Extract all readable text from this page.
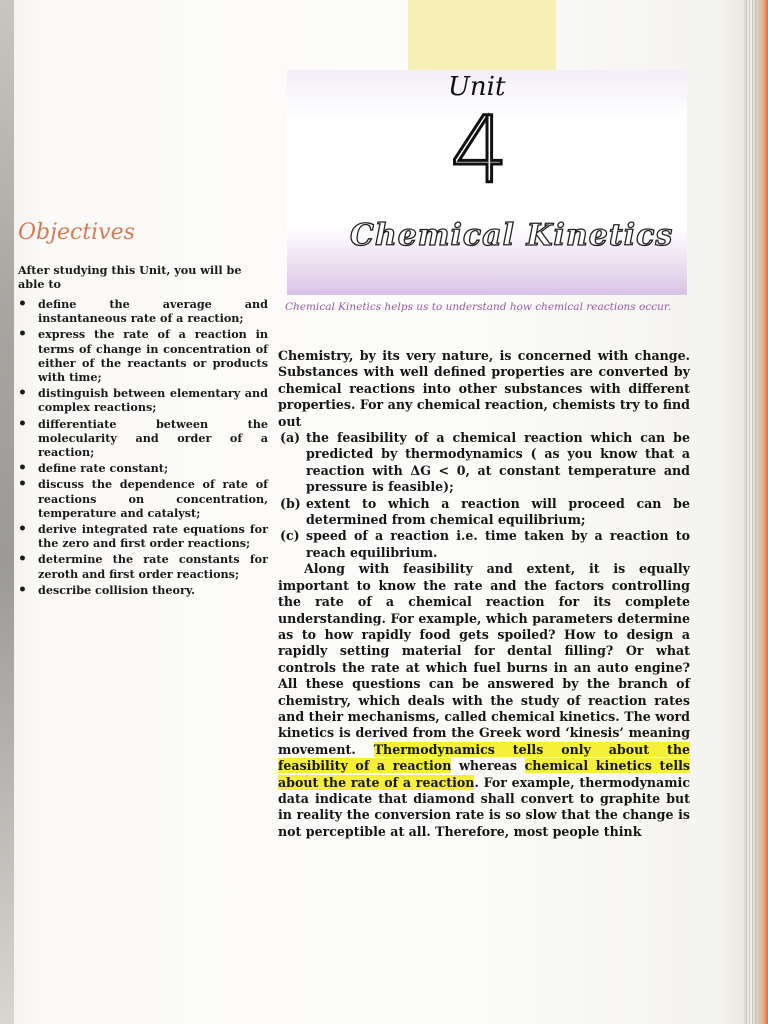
Unit
4
Chemical Kinetics
Chemical Kinetics helps us to understand how chemical reactions occur.
Objectives
After studying this Unit, you will be able to
• define the average and instantaneous rate of a reaction;
• express the rate of a reaction in terms of change in concentration of either of the reactants or products with time;
• distinguish between elementary and complex reactions;
• differentiate between the molecularity and order of a reaction;
• define rate constant;
• discuss the dependence of rate of reactions on concentration, temperature and catalyst;
• derive integrated rate equations for the zero and first order reactions;
• determine the rate constants for zeroth and first order reactions;
• describe collision theory.

Chemistry, by its very nature, is concerned with change. Substances with well defined properties are converted by chemical reactions into other substances with different properties. For any chemical reaction, chemists try to find out

(a) the feasibility of a chemical reaction which can be predicted by thermodynamics ( as you know that a reaction with ΔG < 0, at constant temperature and pressure is feasible);

(b) extent to which a reaction will proceed can be determined from chemical equilibrium;

(c) speed of a reaction i.e. time taken by a reaction to reach equilibrium.

Along with feasibility and extent, it is equally important to know the rate and the factors controlling the rate of a chemical reaction for its complete understanding. For example, which parameters determine as to how rapidly food gets spoiled? How to design a rapidly setting material for dental filling? Or what controls the rate at which fuel burns in an auto engine? All these questions can be answered by the branch of chemistry, which deals with the study of reaction rates and their mechanisms, called chemical kinetics. The word kinetics is derived from the Greek word ‘kinesis’ meaning movement. Thermodynamics tells only about the feasibility of a reaction whereas chemical kinetics tells about the rate of a reaction. For example, thermodynamic data indicate that diamond shall convert to graphite but in reality the conversion rate is so slow that the change is not perceptible at all. Therefore, most people think
